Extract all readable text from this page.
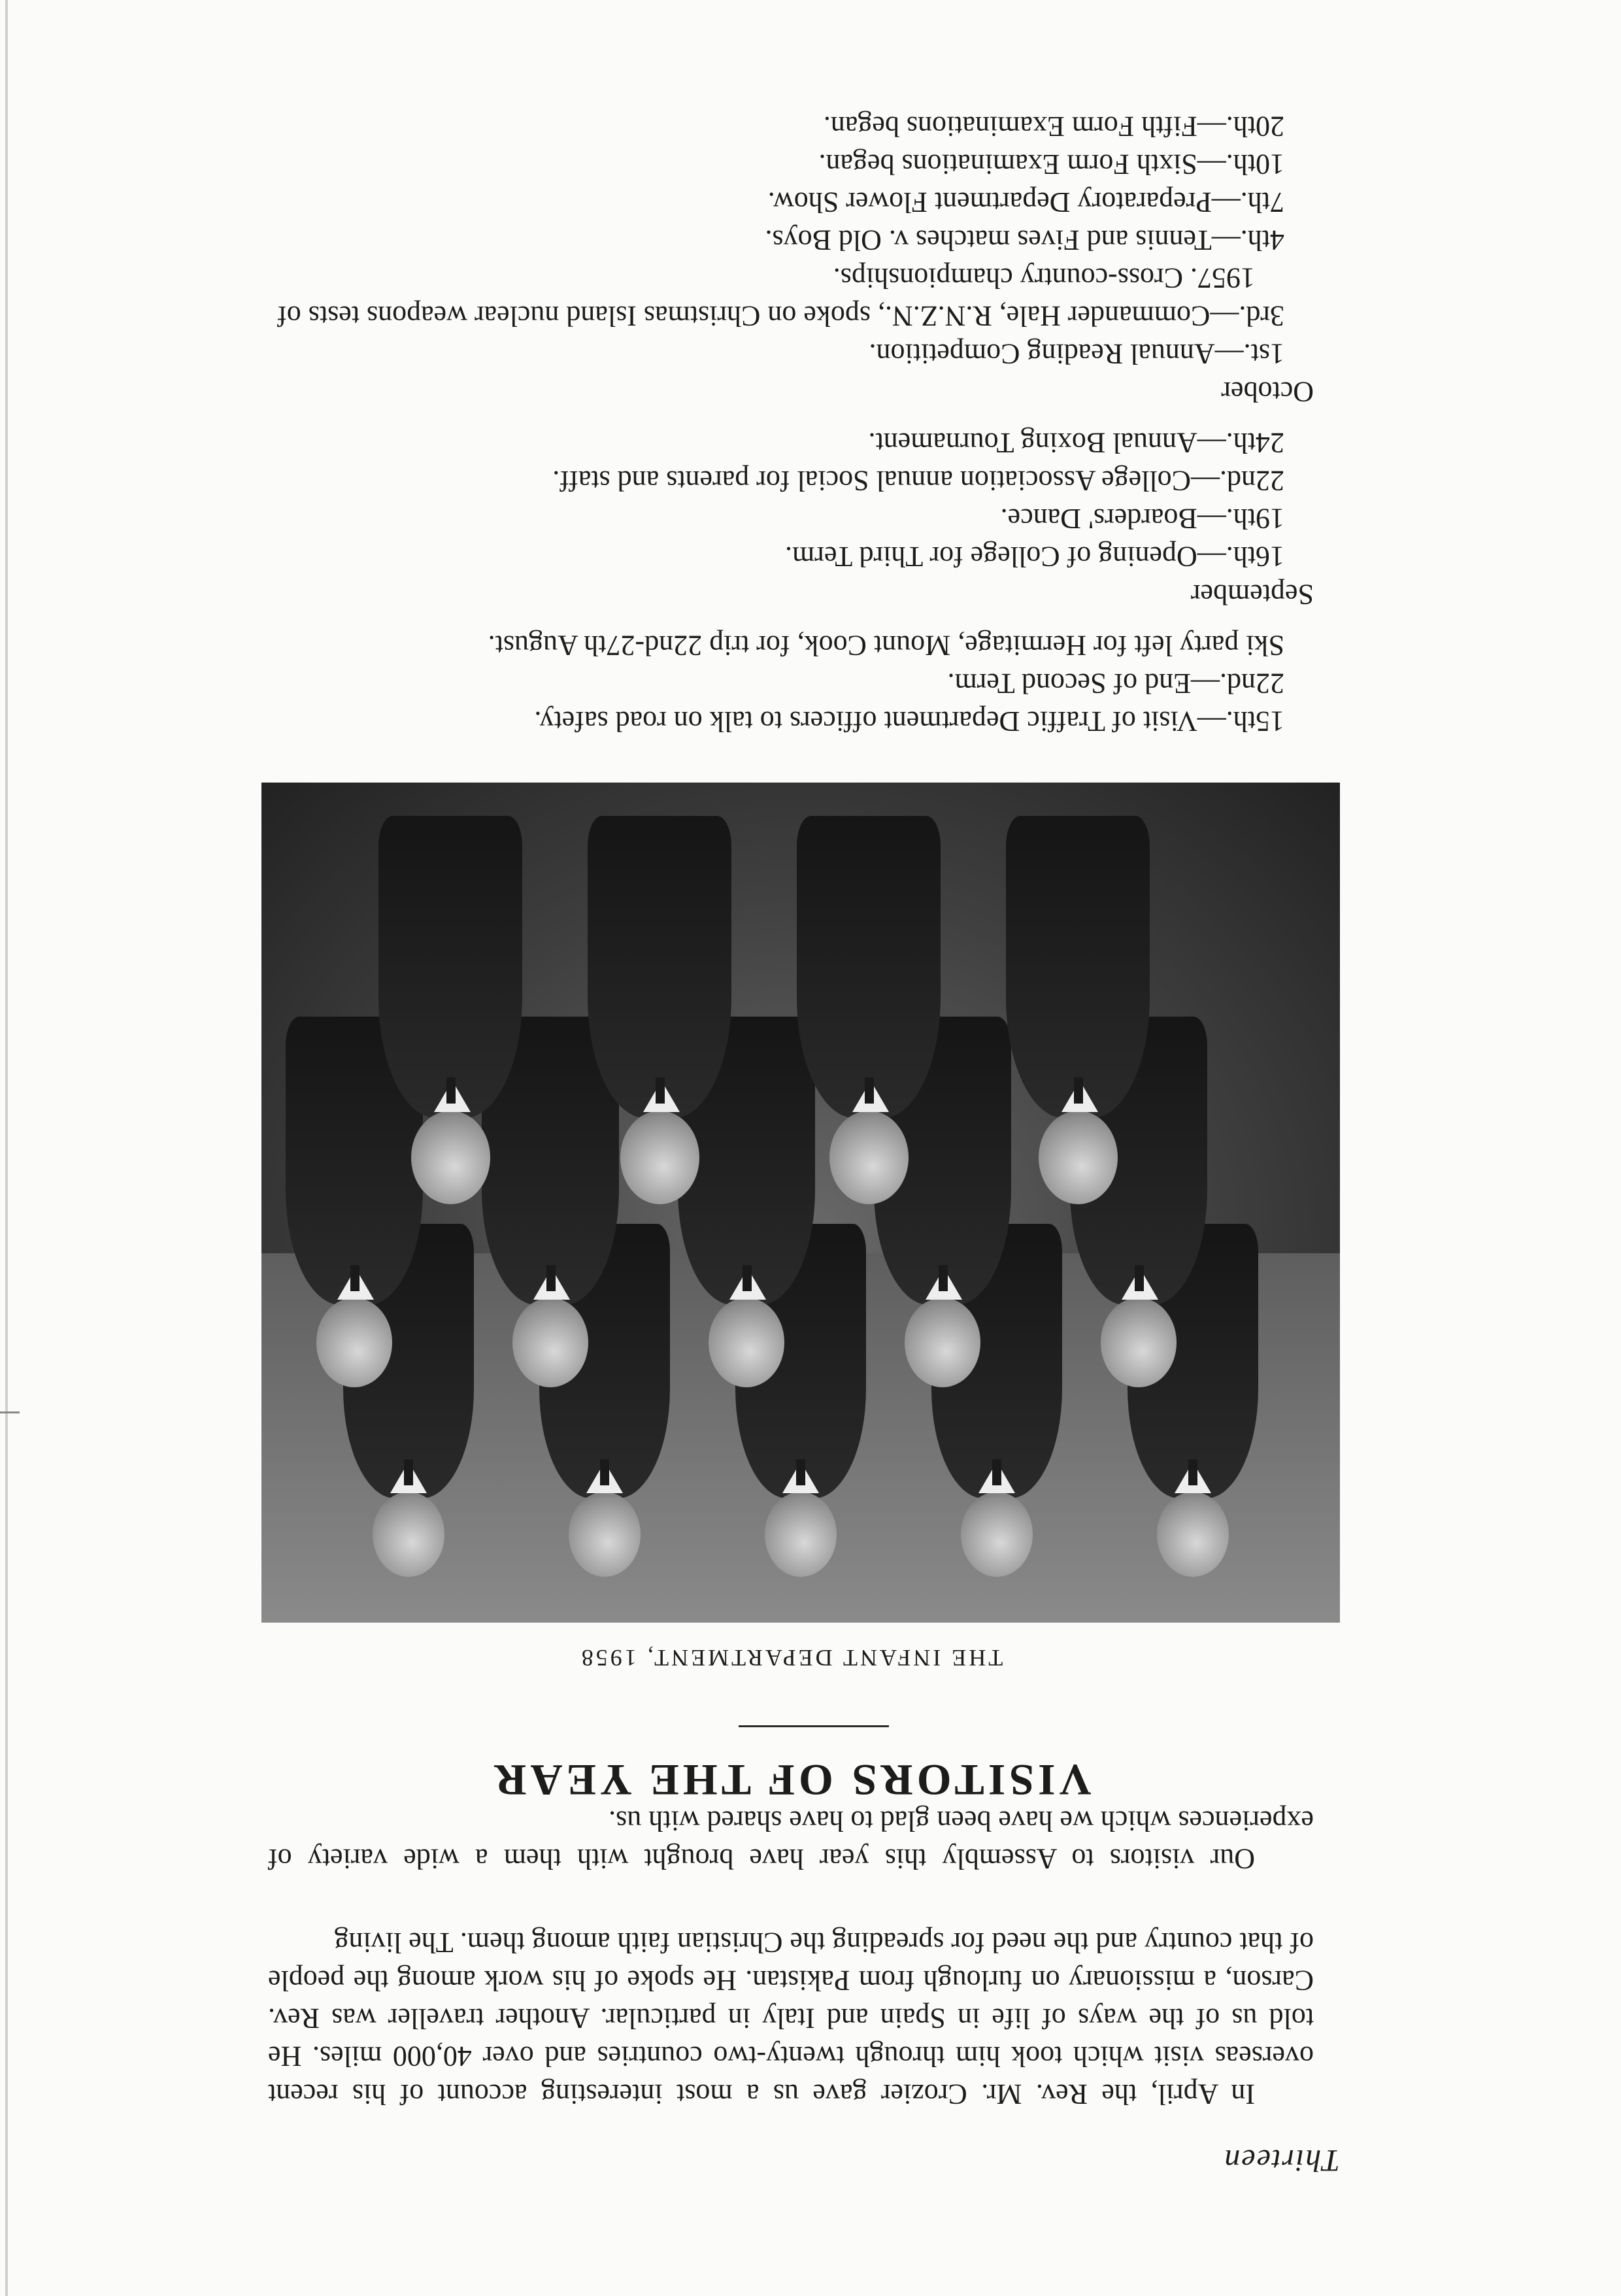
15th.—Visit of Traffic Department officers to talk on road safety.

22nd.—End of Second Term.

Ski party left for Hermitage, Mount Cook, for trip 22nd-27th August.

September

16th.—Opening of College for Third Term.

19th.—Boarders' Dance.

22nd.—College Association annual Social for parents and staff.

24th.—Annual Boxing Tournament.

October

1st.—Annual Reading Competition.

3rd.—Commander Hale, R.N.Z.N., spoke on Christmas Island nuclear weapons tests of 1957. Cross-country championships.

4th.—Tennis and Fives matches v. Old Boys.

7th.—Preparatory Department Flower Show.

10th.—Sixth Form Examinations began.

20th.—Fifth Form Examinations began.

THE INFANT DEPARTMENT, 1958
VISITORS OF THE YEAR

Our visitors to Assembly this year have brought with them a wide variety of experiences which we have been glad to have shared with us.

In April, the Rev. Mr. Crozier gave us a most interesting account of his recent overseas visit which took him through twenty-two countries and over 40,000 miles. He told us of the ways of life in Spain and Italy in particular. Another traveller was Rev. Carson, a missionary on furlough from Pakistan. He spoke of his work among the people of that country and the need for spreading the Christian faith among them. The living

Thirteen
